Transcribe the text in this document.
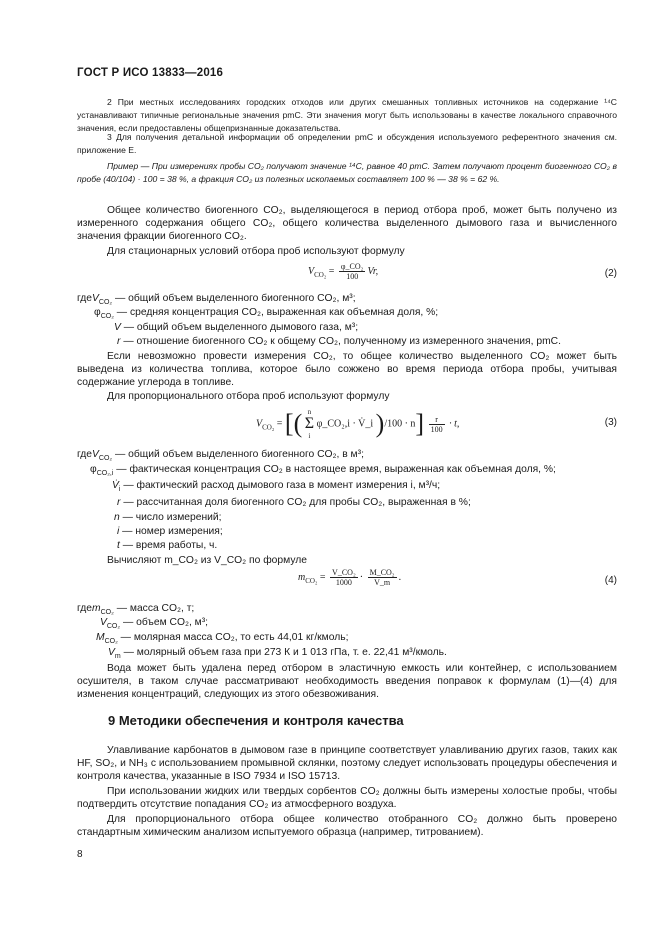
ГОСТ Р ИСО 13833—2016
2 При местных исследованиях городских отходов или других смешанных топливных источников на содержание ¹⁴C устанавливают типичные региональные значения pmC. Эти значения могут быть использованы в качестве локального справочного значения, если предоставлены общепризнанные доказательства.
3 Для получения детальной информации об определении pmC и обсуждения используемого референтного значения см. приложение Е.
Пример — При измерениях пробы CO₂ получают значение ¹⁴C, равное 40 pmC. Затем получают процент биогенного CO₂ в пробе (40/104) · 100 = 38 %, а фракция CO₂ из полезных ископаемых составляет 100 % — 38 % = 62 %.
Общее количество биогенного CO₂, выделяющегося в период отбора проб, может быть получено из измеренного содержания общего CO₂, общего количества выделенного дымового газа и вычисленного значения фракции биогенного CO₂.
Для стационарных условий отбора проб используют формулу
$V_{CO_2} = \frac{\text{φ\_CO₂}}{100} Vr$,	(2)
гдеV$_{CO_2}$ — общий объем выделенного биогенного CO₂, м³;
$\varphi_{CO_2}$ — средняя концентрация CO₂, выраженная как объемная доля, %;
V — общий объем выделенного дымового газа, м³;
r — отношение биогенного CO₂ к общему CO₂, полученному из измеренного значения, pmC.
Если невозможно провести измерения CO₂, то общее количество выделенного CO₂ может быть выведена из количества топлива, которое было сожжено во время периода отбора пробы, учитывая содержание углерода в топливе.
Для пропорционального отбора проб используют формулу
$V_{CO_2}$ = [( n
Σ
i
φ_CO₂,i · V̇_i )$/100 \cdot n] \frac{r}{100} \cdot t$,	(3)
гдеV$_{CO_2}$ — общий объем выделенного биогенного CO₂, в м³;
$\varphi_{CO_2,i}$ — фактическая концентрация CO₂ в настоящее время, выраженная как объемная доля, %;
$V̇_i$ — фактический расход дымового газа в момент измерения i, м³/ч;
r — рассчитанная доля биогенного CO₂ для пробы CO₂, выраженная в %;
n — число измерений;
i — номер измерения;
t — время работы, ч.
Вычисляют m_CO₂ из V_CO₂ по формуле
$m_{CO_2} = \frac{\text{V\_CO₂}}{1000} \cdot \frac{\text{M\_CO₂}}{V\_m}$ .	(4)
гдеm$_{CO_2}$ — масса CO₂, т;
$V_{CO_2}$ — объем CO₂, м³;
$M_{CO_2}$ — молярная масса CO₂, то есть 44,01 кг/кмоль;
$V_m$ — молярный объем газа при 273 К и 1 013 гПа, т. е. 22,41 м³/кмоль.
Вода может быть удалена перед отбором в эластичную емкость или контейнер, с использованием осушителя, в таком случае рассматривают необходимость введения поправок к формулам (1)—(4) для изменения концентраций, следующих из этого обезвоживания.
9 Методики обеспечения и контроля качества
Улавливание карбонатов в дымовом газе в принципе соответствует улавливанию других газов, таких как HF, SO₂, и NH₃ с использованием промывной склянки, поэтому следует использовать процедуры обеспечения и контроля качества, указанные в ISO 7934 и ISO 15713.
При использовании жидких или твердых сорбентов CO₂ должны быть измерены холостые пробы, чтобы подтвердить отсутствие попадания CO₂ из атмосферного воздуха.
Для пропорционального отбора общее количество отобранного CO₂ должно быть проверено стандартным химическим анализом испытуемого образца (например, титрованием).
8
